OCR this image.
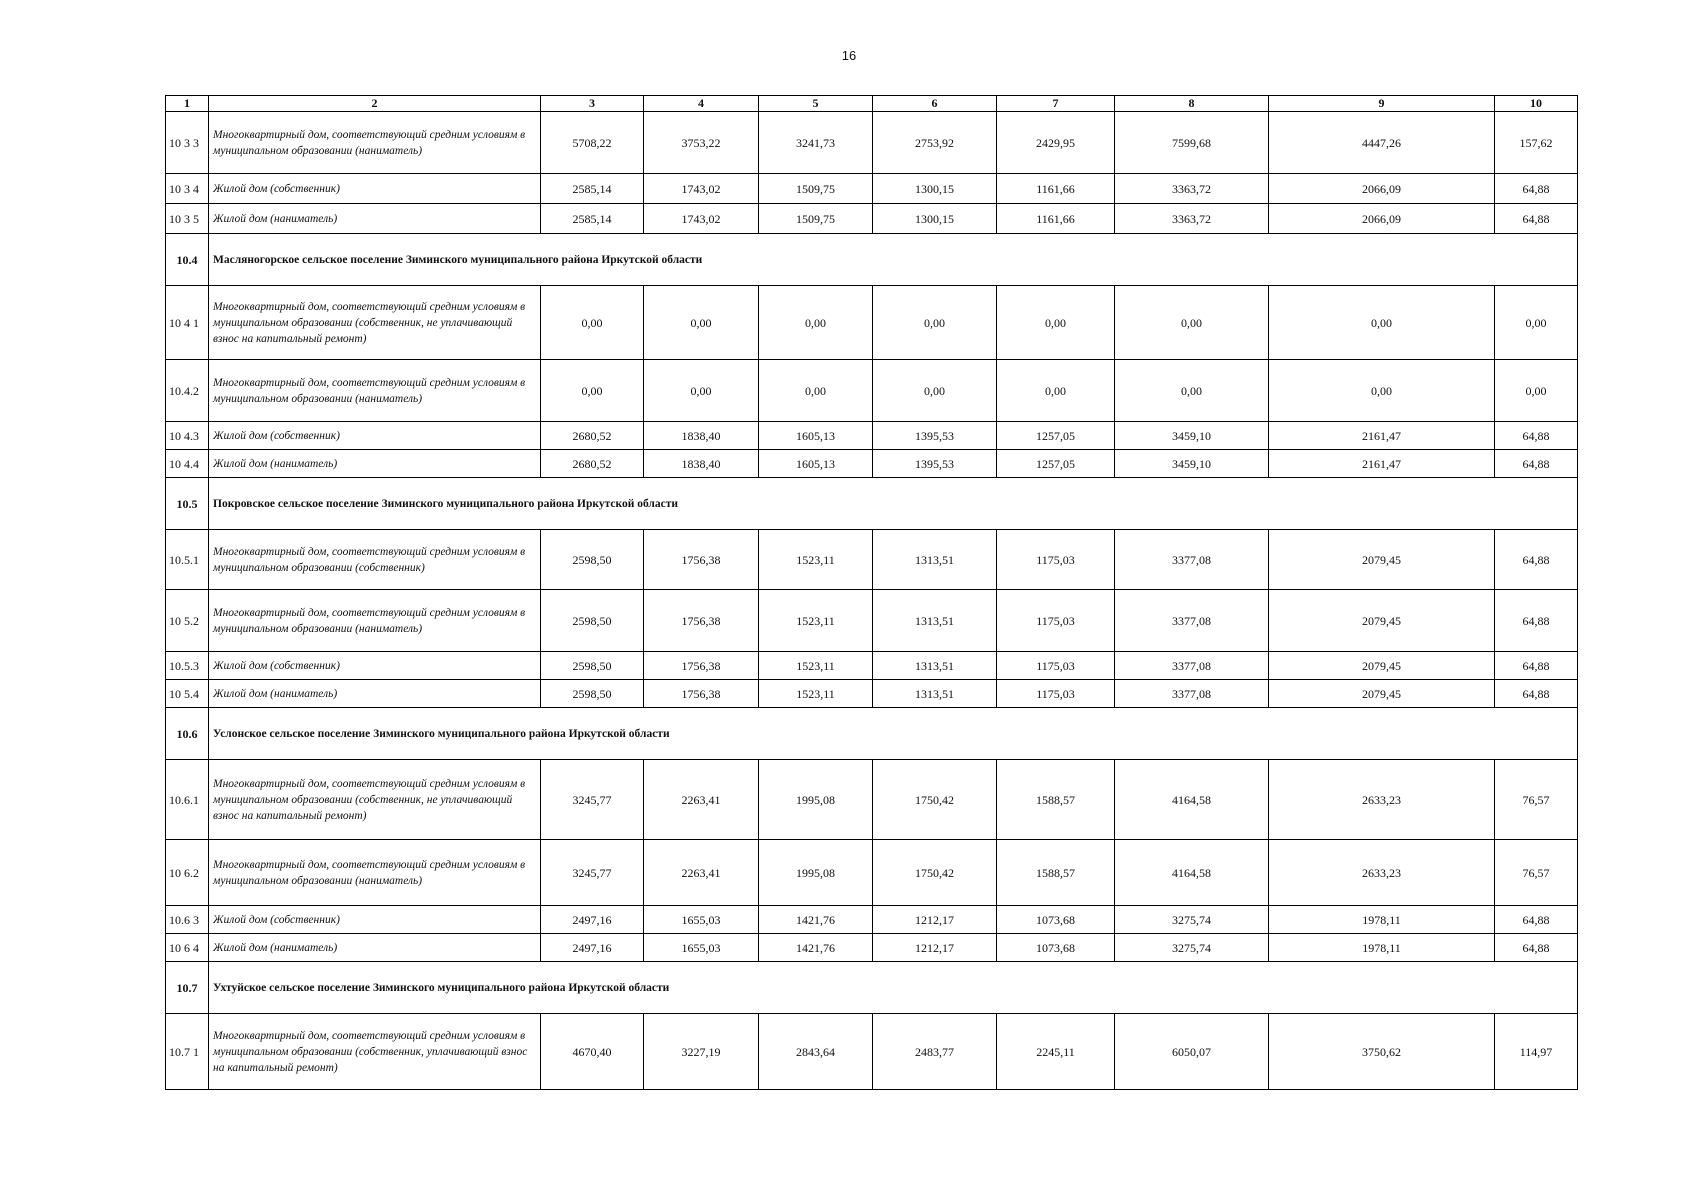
16
1	2	3	4	5	6	7	8	9	10
10 3 3	Многоквартирный дом, соответствующий средним условиям в муниципальном образовании (наниматель)	5708,22	3753,22	3241,73	2753,92	2429,95	7599,68	4447,26	157,62
10 3 4	Жилой дом (собственник)	2585,14	1743,02	1509,75	1300,15	1161,66	3363,72	2066,09	64,88
10 3 5	Жилой дом (наниматель)	2585,14	1743,02	1509,75	1300,15	1161,66	3363,72	2066,09	64,88
10.4	Масляногорское сельское поселение Зиминского муниципального района Иркутской области								
10 4 1	Многоквартирный дом, соответствующий средним условиям в муниципальном образовании (собственник, не уплачивающий взнос на капитальный ремонт)	0,00	0,00	0,00	0,00	0,00	0,00	0,00	0,00
10.4.2	Многоквартирный дом, соответствующий средним условиям в муниципальном образовании (наниматель)	0,00	0,00	0,00	0,00	0,00	0,00	0,00	0,00
10 4.3	Жилой дом (собственник)	2680,52	1838,40	1605,13	1395,53	1257,05	3459,10	2161,47	64,88
10 4.4	Жилой дом (наниматель)	2680,52	1838,40	1605,13	1395,53	1257,05	3459,10	2161,47	64,88
10.5	Покровское сельское поселение Зиминского муниципального района Иркутской области								
10.5.1	Многоквартирный дом, соответствующий средним условиям в муниципальном образовании (собственник)	2598,50	1756,38	1523,11	1313,51	1175,03	3377,08	2079,45	64,88
10 5.2	Многоквартирный дом, соответствующий средним условиям в муниципальном образовании (наниматель)	2598,50	1756,38	1523,11	1313,51	1175,03	3377,08	2079,45	64,88
10.5.3	Жилой дом (собственник)	2598,50	1756,38	1523,11	1313,51	1175,03	3377,08	2079,45	64,88
10 5.4	Жилой дом (наниматель)	2598,50	1756,38	1523,11	1313,51	1175,03	3377,08	2079,45	64,88
10.6	Услонское сельское поселение Зиминского муниципального района Иркутской области								
10.6.1	Многоквартирный дом, соответствующий средним условиям в муниципальном образовании (собственник, не уплачивающий взнос на капитальный ремонт)	3245,77	2263,41	1995,08	1750,42	1588,57	4164,58	2633,23	76,57
10 6.2	Многоквартирный дом, соответствующий средним условиям в муниципальном образовании (наниматель)	3245,77	2263,41	1995,08	1750,42	1588,57	4164,58	2633,23	76,57
10.6 3	Жилой дом (собственник)	2497,16	1655,03	1421,76	1212,17	1073,68	3275,74	1978,11	64,88
10 6 4	Жилой дом (наниматель)	2497,16	1655,03	1421,76	1212,17	1073,68	3275,74	1978,11	64,88
10.7	Ухтуйское сельское поселение Зиминского муниципального района Иркутской области								
10.7 1	Многоквартирный дом, соответствующий средним условиям в муниципальном образовании (собственник, уплачивающий взнос на капитальный ремонт)	4670,40	3227,19	2843,64	2483,77	2245,11	6050,07	3750,62	114,97
